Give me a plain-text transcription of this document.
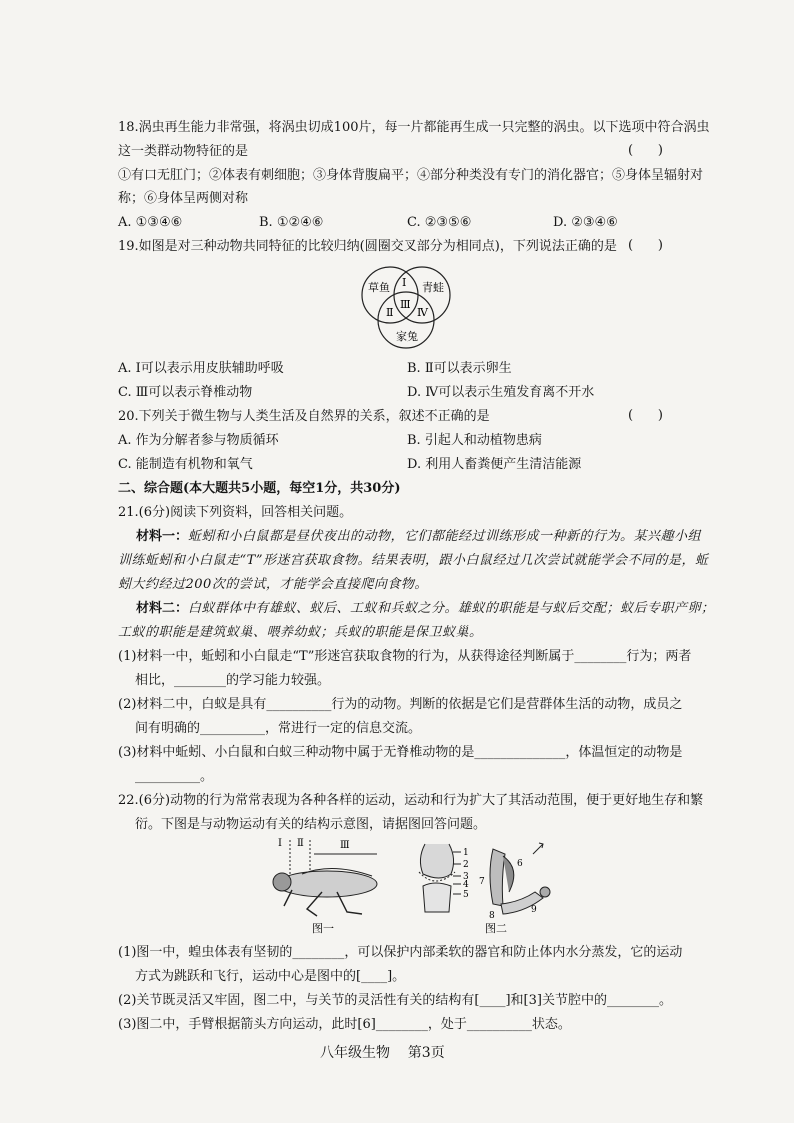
18.涡虫再生能力非常强，将涡虫切成100片，每一片都能再生成一只完整的涡虫。以下选项中符合涡虫
这一类群动物特征的是	(      )
①有口无肛门；②体表有刺细胞；③身体背腹扁平；④部分种类没有专门的消化器官；⑤身体呈辐射对
称；⑥身体呈两侧对称
A. ①③④⑥	B. ①②④⑥	C. ②③⑤⑥	D. ②③④⑥
19.如图是对三种动物共同特征的比较归纳(圆圈交叉部分为相同点)，下列说法正确的是 (      )
草鱼	青蛙
家兔
Ⅰ
Ⅲ
Ⅱ Ⅳ
A. Ⅰ可以表示用皮肤辅助呼吸	B. Ⅱ可以表示卵生
C. Ⅲ可以表示脊椎动物	D. Ⅳ可以表示生殖发育离不开水
20.下列关于微生物与人类生活及自然界的关系，叙述不正确的是	(      )
A. 作为分解者参与物质循环	B. 引起人和动植物患病
C. 能制造有机物和氧气	D. 利用人畜粪便产生清洁能源
二、综合题(本大题共5小题，每空1分，共30分)
21.(6分)阅读下列资料，回答相关问题。
材料一：蚯蚓和小白鼠都是昼伏夜出的动物，它们都能经过训练形成一种新的行为。某兴趣小组
训练蚯蚓和小白鼠走“T”形迷宫获取食物。结果表明，跟小白鼠经过几次尝试就能学会不同的是，蚯
蚓大约经过200次的尝试，才能学会直接爬向食物。
材料二：白蚁群体中有雄蚁、蚁后、工蚁和兵蚁之分。雄蚁的职能是与蚁后交配；蚁后专职产卵；
工蚁的职能是建筑蚁巢、喂养幼蚁；兵蚁的职能是保卫蚁巢。
(1)材料一中，蚯蚓和小白鼠走“T”形迷宫获取食物的行为，从获得途径判断属于________行为；两者
相比，________的学习能力较强。
(2)材料二中，白蚁是具有__________行为的动物。判断的依据是它们是营群体生活的动物，成员之
间有明确的__________，常进行一定的信息交流。
(3)材料中蚯蚓、小白鼠和白蚁三种动物中属于无脊椎动物的是______________，体温恒定的动物是
__________。
22.(6分)动物的行为常常表现为各种各样的运动，运动和行为扩大了其活动范围，便于更好地生存和繁
衍。下图是与动物运动有关的结构示意图，请据图回答问题。
Ⅰ Ⅱ	Ⅲ
图一
1
2
3
4
5
6
7
8
9
图二
(1)图一中，蝗虫体表有坚韧的________，可以保护内部柔软的器官和防止体内水分蒸发，它的运动
方式为跳跃和飞行，运动中心是图中的[____]。
(2)关节既灵活又牢固，图二中，与关节的灵活性有关的结构有[____]和[3]关节腔中的________。
(3)图二中，手臂根据箭头方向运动，此时[6]________，处于__________状态。
八年级生物    第3页
